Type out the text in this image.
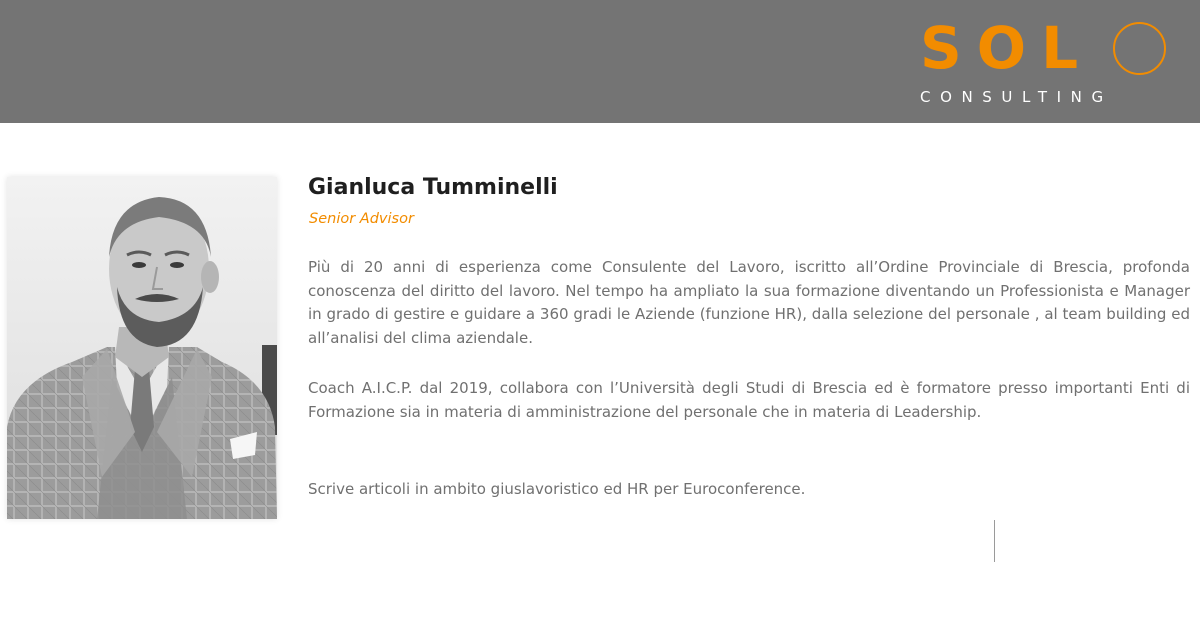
SOL
CONSULTING
Gianluca Tumminelli
Senior Advisor

Più di 20 anni di esperienza come Consulente del Lavoro, iscritto all’Ordine Provinciale di Brescia, profonda conoscenza del diritto del lavoro. Nel tempo ha ampliato la sua formazione diventando un Professionista e Manager in grado di gestire e guidare a 360 gradi le Aziende (funzione HR), dalla selezione del personale , al team building ed all’analisi del clima aziendale.

Coach A.I.C.P. dal 2019, collabora con l’Università degli Studi di Brescia ed è formatore presso importanti Enti di Formazione sia in materia di amministrazione del personale che in materia di Leadership.

Scrive articoli in ambito giuslavoristico ed HR per Euroconference.
